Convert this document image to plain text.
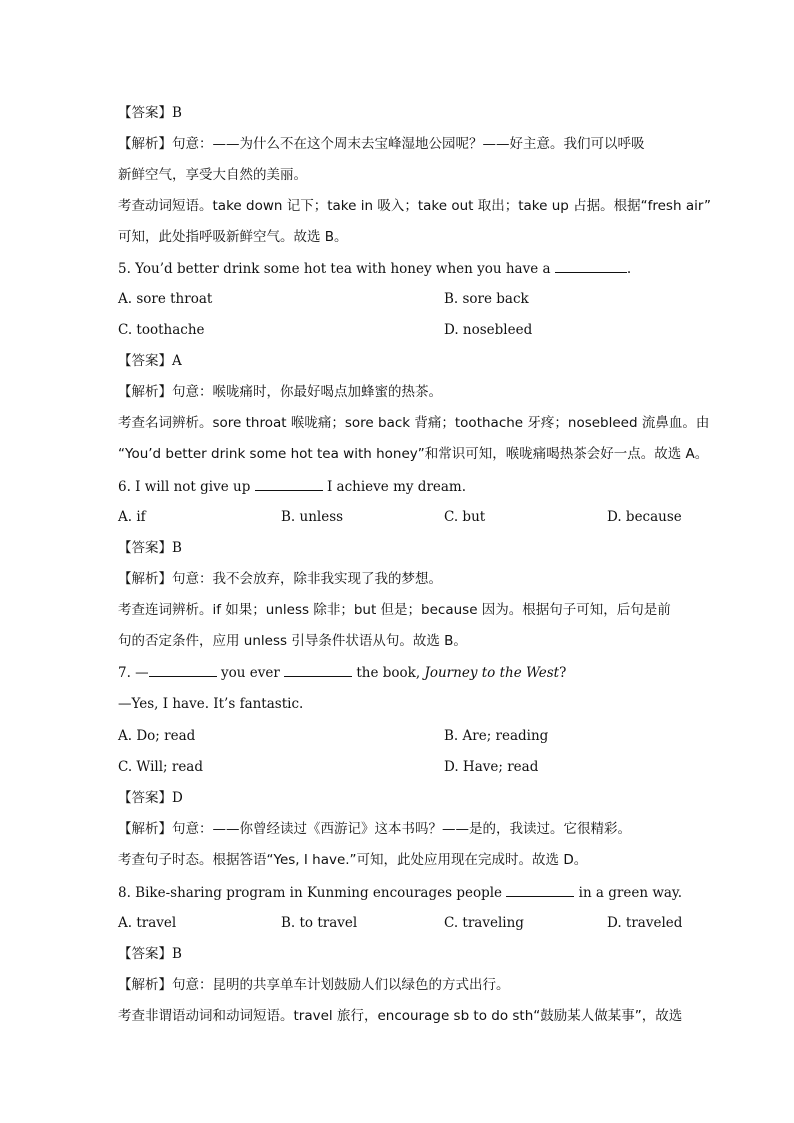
【答案】B
【解析】句意：——为什么不在这个周末去宝峰湿地公园呢？——好主意。我们可以呼吸
新鲜空气，享受大自然的美丽。
考查动词短语。take down 记下；take in 吸入；take out 取出；take up 占据。根据“fresh air”
可知，此处指呼吸新鲜空气。故选 B。
5. You’d better drink some hot tea with honey when you have a	.
A. sore throat	B. sore back
C. toothache	D. nosebleed
【答案】A
【解析】句意：喉咙痛时，你最好喝点加蜂蜜的热茶。
考查名词辨析。sore throat 喉咙痛；sore back 背痛；toothache 牙疼；nosebleed 流鼻血。由
“You’d better drink some hot tea with honey”和常识可知，喉咙痛喝热茶会好一点。故选 A。
6. I will not give up	I achieve my dream.
A. if	B. unless	C. but	D. because
【答案】B
【解析】句意：我不会放弃，除非我实现了我的梦想。
考查连词辨析。if 如果；unless 除非；but 但是；because 因为。根据句子可知，后句是前
句的否定条件，应用 unless 引导条件状语从句。故选 B。
7. —	you ever	the book, Journey to the West?
—Yes, I have. It’s fantastic.
A. Do; read	B. Are; reading
C. Will; read	D. Have; read
【答案】D
【解析】句意：——你曾经读过《西游记》这本书吗？——是的，我读过。它很精彩。
考查句子时态。根据答语“Yes, I have.”可知，此处应用现在完成时。故选 D。
8. Bike-sharing program in Kunming encourages people	in a green way.
A. travel	B. to travel	C. traveling	D. traveled
【答案】B
【解析】句意：昆明的共享单车计划鼓励人们以绿色的方式出行。
考查非谓语动词和动词短语。travel 旅行，encourage sb to do sth“鼓励某人做某事”，故选
